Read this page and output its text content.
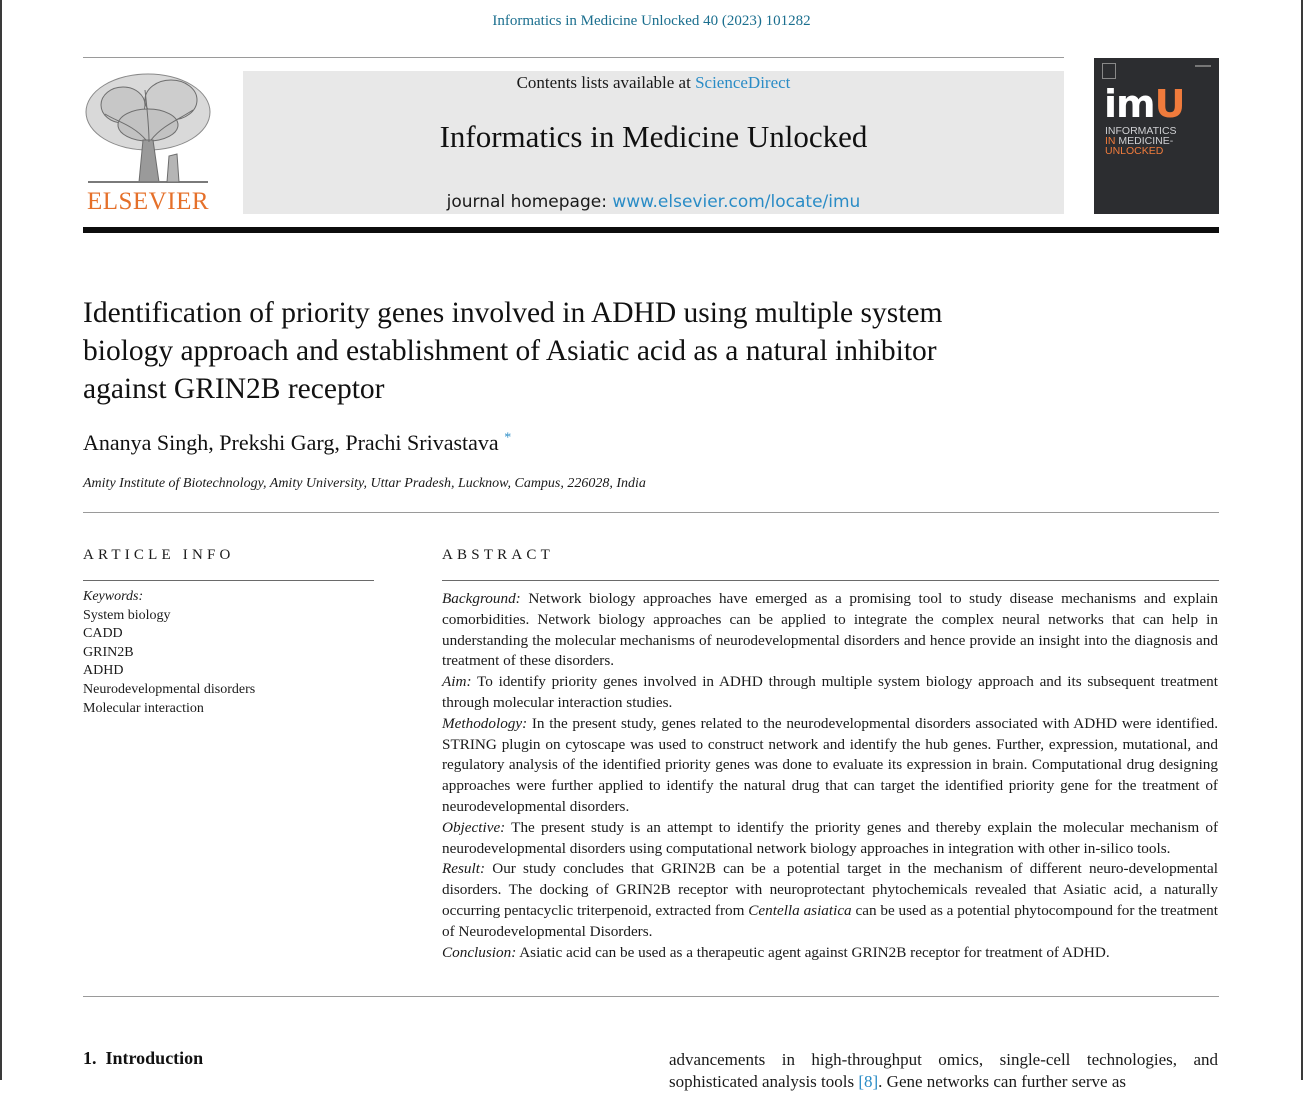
Informatics in Medicine Unlocked 40 (2023) 101282
ELSEVIER
Contents lists available at ScienceDirect
Informatics in Medicine Unlocked
journal homepage: www.elsevier.com/locate/imu
imU
INFORMATICS
IN MEDICINE-
UNLOCKED
Identification of priority genes involved in ADHD using multiple system
biology approach and establishment of Asiatic acid as a natural inhibitor
against GRIN2B receptor
Ananya Singh, Prekshi Garg, Prachi Srivastava *
Amity Institute of Biotechnology, Amity University, Uttar Pradesh, Lucknow, Campus, 226028, India
ARTICLE INFO	ABSTRACT
Keywords:
System biology
CADD
GRIN2B
ADHD
Neurodevelopmental disorders
Molecular interaction

Background: Network biology approaches have emerged as a promising tool to study disease mechanisms and explain comorbidities. Network biology approaches can be applied to integrate the complex neural networks that can help in understanding the molecular mechanisms of neurodevelopmental disorders and hence provide an insight into the diagnosis and treatment of these disorders.

Aim: To identify priority genes involved in ADHD through multiple system biology approach and its subsequent treatment through molecular interaction studies.

Methodology: In the present study, genes related to the neurodevelopmental disorders associated with ADHD were identified. STRING plugin on cytoscape was used to construct network and identify the hub genes. Further, expression, mutational, and regulatory analysis of the identified priority genes was done to evaluate its expression in brain. Computational drug designing approaches were further applied to identify the natural drug that can target the identified priority gene for the treatment of neurodevelopmental disorders.

Objective: The present study is an attempt to identify the priority genes and thereby explain the molecular mechanism of neurodevelopmental disorders using computational network biology approaches in integration with other in-silico tools.

Result: Our study concludes that GRIN2B can be a potential target in the mechanism of different neuro-developmental disorders. The docking of GRIN2B receptor with neuroprotectant phytochemicals revealed that Asiatic acid, a naturally occurring pentacyclic triterpenoid, extracted from Centella asiatica can be used as a potential phytocompound for the treatment of Neurodevelopmental Disorders.

Conclusion: Asiatic acid can be used as a therapeutic agent against GRIN2B receptor for treatment of ADHD.

1. Introduction	advancements in high-throughput omics, single-cell technologies, and
sophisticated analysis tools [8]. Gene networks can further serve as
